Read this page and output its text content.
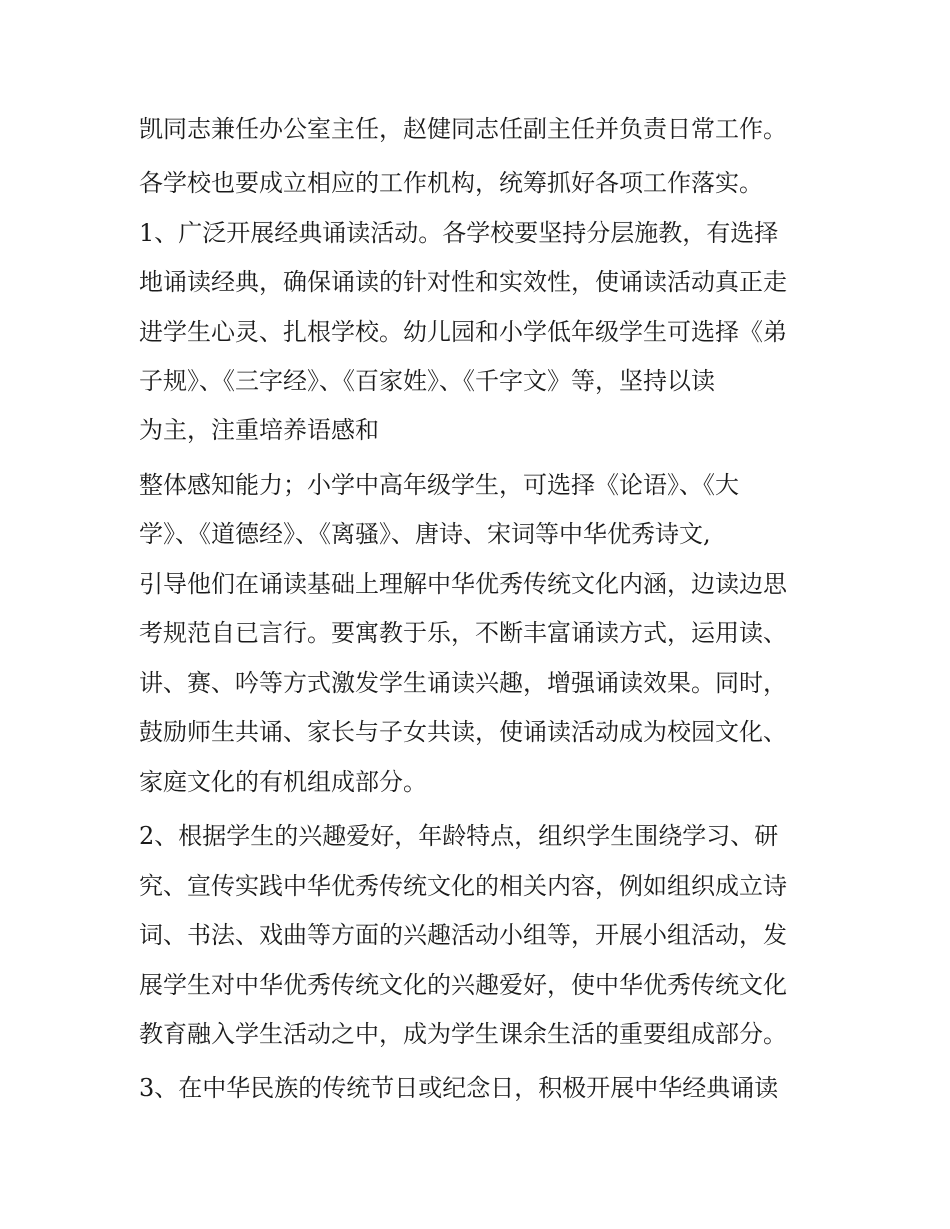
凯同志兼任办公室主任，赵健同志任副主任并负责日常工作。
各学校也要成立相应的工作机构，统筹抓好各项工作落实。
1、广泛开展经典诵读活动。各学校要坚持分层施教，有选择
地诵读经典，确保诵读的针对性和实效性，使诵读活动真正走
进学生心灵、扎根学校。幼儿园和小学低年级学生可选择《弟
子规》、《三字经》、《百家姓》、《千字文》等，坚持以读
为主，注重培养语感和
整体感知能力；小学中高年级学生，可选择《论语》、《大
学》、《道德经》、《离骚》、唐诗、宋词等中华优秀诗文,
引导他们在诵读基础上理解中华优秀传统文化内涵，边读边思
考规范自已言行。要寓教于乐，不断丰富诵读方式，运用读、
讲、赛、吟等方式激发学生诵读兴趣，增强诵读效果。同时，
鼓励师生共诵、家长与子女共读，使诵读活动成为校园文化、
家庭文化的有机组成部分。
2、根据学生的兴趣爱好，年龄特点，组织学生围绕学习、研
究、宣传实践中华优秀传统文化的相关内容，例如组织成立诗
词、书法、戏曲等方面的兴趣活动小组等，开展小组活动，发
展学生对中华优秀传统文化的兴趣爱好，使中华优秀传统文化
教育融入学生活动之中，成为学生课余生活的重要组成部分。
3、在中华民族的传统节日或纪念日，积极开展中华经典诵读
